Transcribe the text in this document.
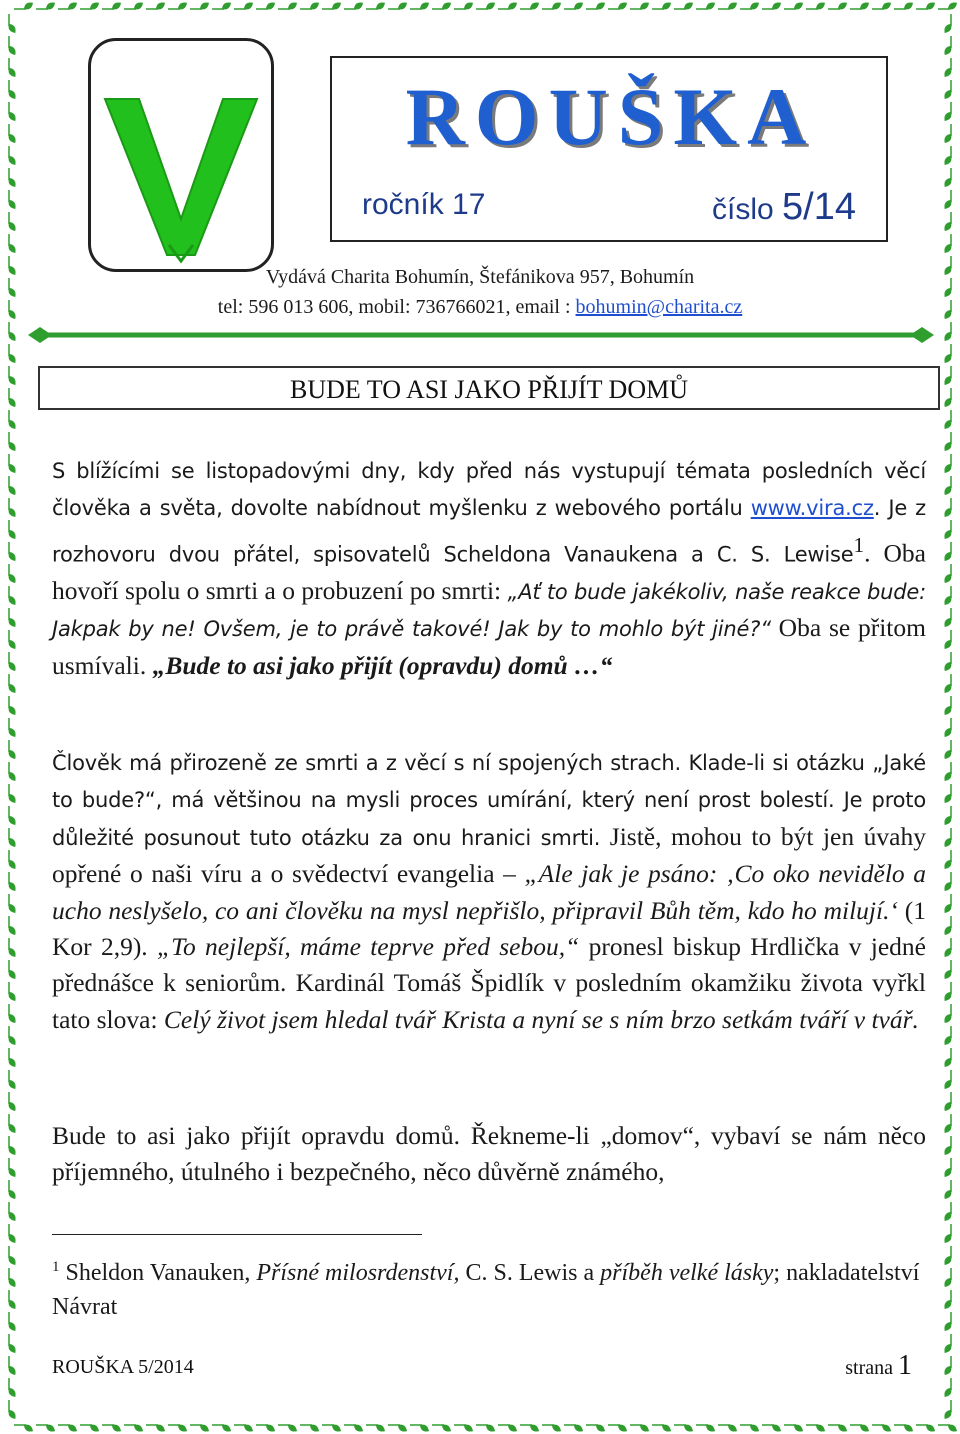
ROUŠKA
ročník 17	číslo 5/14
Vydává Charita Bohumín, Štefánikova 957, Bohumín
tel: 596 013 606, mobil: 736766021, email : bohumin@charita.cz
BUDE TO ASI JAKO PŘIJÍT DOMŮ

S blížícími se listopadovými dny, kdy před nás vystupují témata posledních věcí člověka a světa, dovolte nabídnout myšlenku z webového portálu www.vira.cz. Je z rozhovoru dvou přátel, spisovatelů Scheldona Vanaukena a C. S. Lewise$^1$. Oba hovoří spolu o smrti a o probuzení po smrti: „Ať to bude jakékoliv, naše reakce bude: Jakpak by ne! Ovšem, je to právě takové! Jak by to mohlo být jiné?“ Oba se přitom usmívali. „Bude to asi jako přijít (opravdu) domů …“

Člověk má přirozeně ze smrti a z věcí s ní spojených strach. Klade-li si otázku „Jaké to bude?“, má většinou na mysli proces umírání, který není prost bolestí. Je proto důležité posunout tuto otázku za onu hranici smrti. Jistě, mohou to být jen úvahy opřené o naši víru a o svědectví evangelia – „Ale jak je psáno: ‚Co oko nevidělo a ucho neslyšelo, co ani člověku na mysl nepřišlo, připravil Bůh těm, kdo ho milují.‘ (1 Kor 2,9). „To nejlepší, máme teprve před sebou,“ pronesl biskup Hrdlička v jedné přednášce k seniorům. Kardinál Tomáš Špidlík v posledním okamžiku života vyřkl tato slova: Celý život jsem hledal tvář Krista a nyní se s ním brzo setkám tváří v tvář.

Bude to asi jako přijít opravdu domů. Řekneme-li „domov“, vybaví se nám něco příjemného, útulného i bezpečného, něco důvěrně známého,

$^1$ Sheldon Vanauken, Přísné milosrdenství, C. S. Lewis a příběh velké lásky; nakladatelství Návrat
ROUŠKA 5/2014	strana 1
